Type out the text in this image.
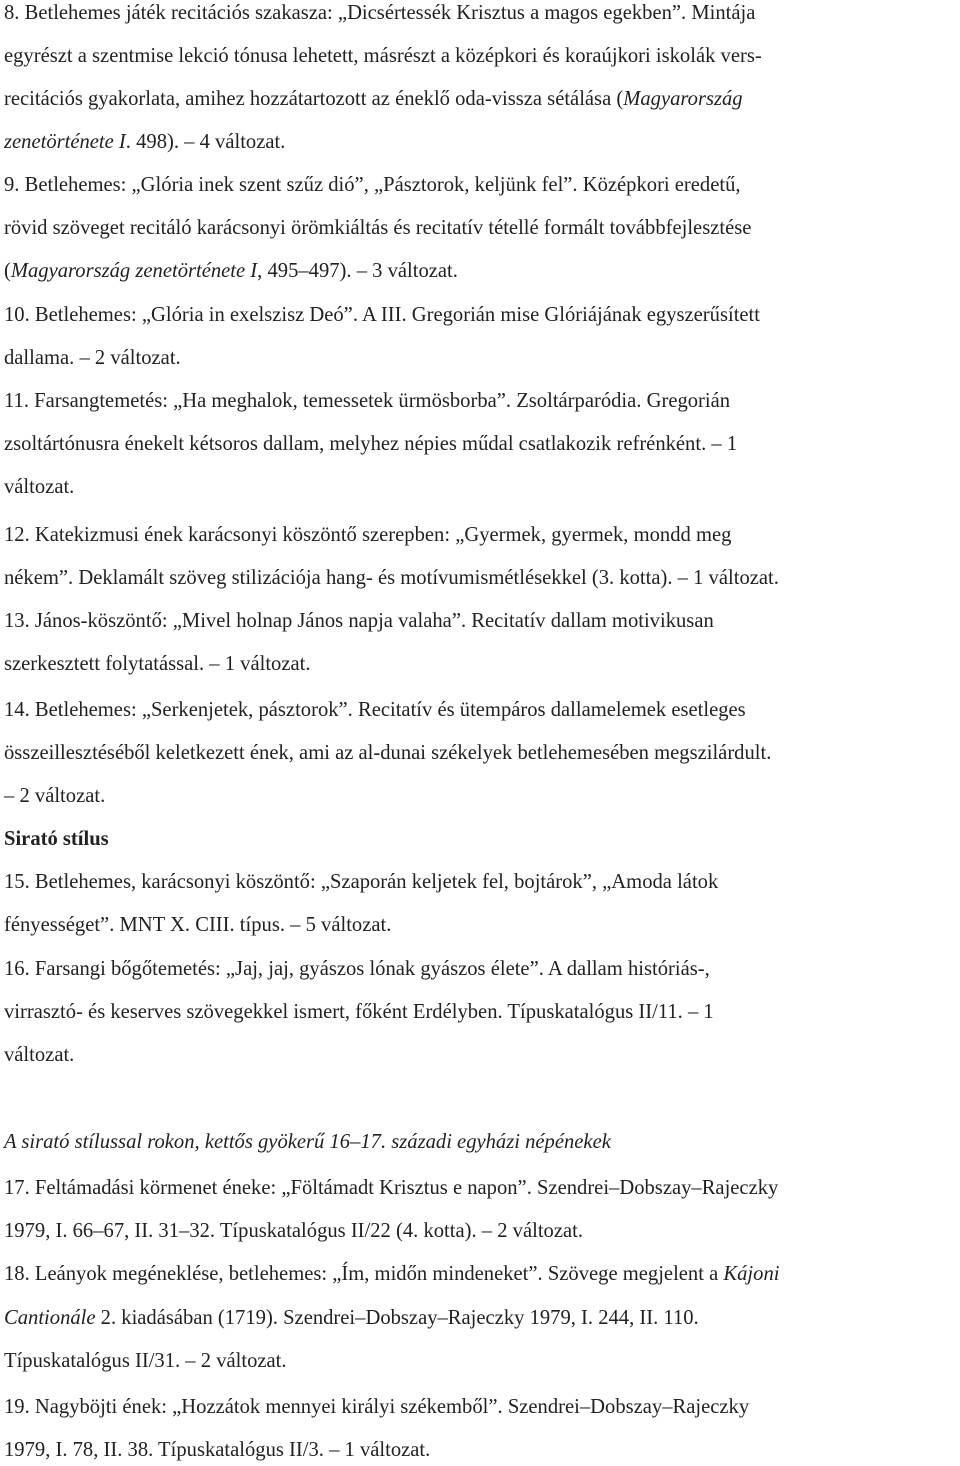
8. Betlehemes játék recitációs szakasza: „Dicsértessék Krisztus a magos egekben”. Mintája

egyrészt a szentmise lekció tónusa lehetett, másrészt a középkori és koraújkori iskolák vers-

recitációs gyakorlata, amihez hozzátartozott az éneklő oda-vissza sétálása (Magyarország

zenetörténete I. 498). – 4 változat.

9. Betlehemes: „Glória inek szent szűz dió”, „Pásztorok, keljünk fel”. Középkori eredetű,

rövid szöveget recitáló karácsonyi örömkiáltás és recitatív tétellé formált továbbfejlesztése

(Magyarország zenetörténete I, 495–497). – 3 változat.

10. Betlehemes: „Glória in exelszisz Deó”. A III. Gregorián mise Glóriájának egyszerűsített

dallama. – 2 változat.

11. Farsangtemetés: „Ha meghalok, temessetek ürmösborba”. Zsoltárparódia. Gregorián

zsoltártónusra énekelt kétsoros dallam, melyhez népies műdal csatlakozik refrénként. – 1

változat.

12. Katekizmusi ének karácsonyi köszöntő szerepben: „Gyermek, gyermek, mondd meg

nékem”. Deklamált szöveg stilizációja hang- és motívumismétlésekkel (3. kotta). – 1 változat.

13. János-köszöntő: „Mivel holnap János napja valaha”. Recitatív dallam motivikusan

szerkesztett folytatással. – 1 változat.

14. Betlehemes: „Serkenjetek, pásztorok”. Recitatív és ütempáros dallamelemek esetleges

összeillesztéséből keletkezett ének, ami az al-dunai székelyek betlehemesében megszilárdult.

– 2 változat.

Sirató stílus

15. Betlehemes, karácsonyi köszöntő: „Szaporán keljetek fel, bojtárok”, „Amoda látok

fényességet”. MNT X. CIII. típus. – 5 változat.

16. Farsangi bőgőtemetés: „Jaj, jaj, gyászos lónak gyászos élete”. A dallam históriás-,

virrasztó- és keserves szövegekkel ismert, főként Erdélyben. Típuskatalógus II/11. – 1

változat.

A sirató stílussal rokon, kettős gyökerű 16–17. századi egyházi népénekek

17. Feltámadási körmenet éneke: „Föltámadt Krisztus e napon”. Szendrei–Dobszay–Rajeczky

1979, I. 66–67, II. 31–32. Típuskatalógus II/22 (4. kotta). – 2 változat.

18. Leányok megéneklése, betlehemes: „Ím, midőn mindeneket”. Szövege megjelent a Kájoni

Cantionále 2. kiadásában (1719). Szendrei–Dobszay–Rajeczky 1979, I. 244, II. 110.

Típuskatalógus II/31. – 2 változat.

19. Nagyböjti ének: „Hozzátok mennyei királyi székemből”. Szendrei–Dobszay–Rajeczky

1979, I. 78, II. 38. Típuskatalógus II/3. – 1 változat.
